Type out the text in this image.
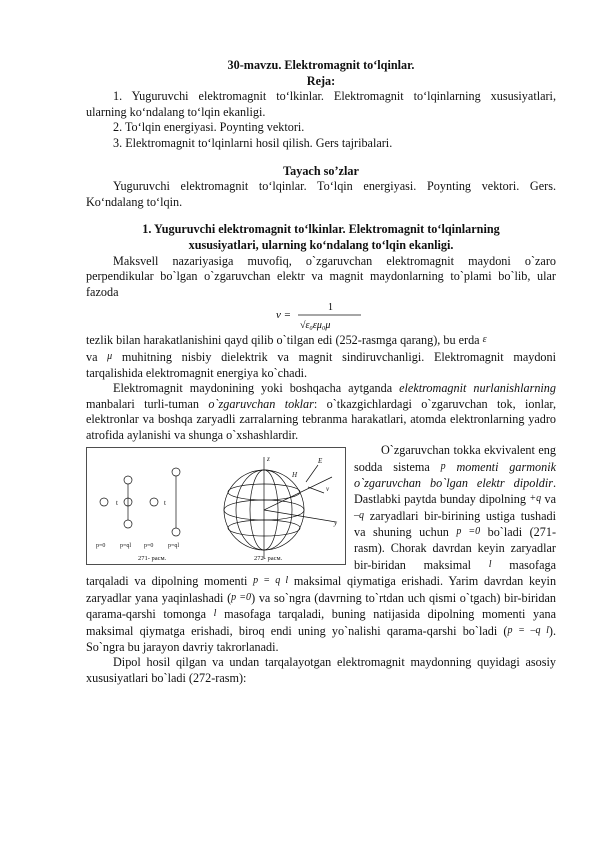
30-mavzu. Elektromagnit to‘lqinlar.
Reja:

1. Yuguruvchi elektromagnit to‘lkinlar. Elektromagnit to‘lqinlarning xususiyatlari, ularning ko‘ndalang to‘lqin ekanligi.

2. To‘lqin energiyasi. Poynting vektori.

3. Elektromagnit to‘lqinlarni hosil qilish. Gers tajribalari.

Tayach so’zlar

Yuguruvchi elektromagnit to‘lqinlar. To‘lqin energiyasi. Poynting vektori. Gers. Ko‘ndalang to‘lqin.

1. Yuguruvchi elektromagnit to‘lkinlar. Elektromagnit to‘lqinlarning
xususiyatlari, ularning ko‘ndalang to‘lqin ekanligi.

Maksvell nazariyasiga muvofiq, o`zgaruvchan elektromagnit maydoni o`zaro perpendikular bo`lgan o`zgaruvchan elektr va magnit maydonlarning to`plami bo`lib, ular fazoda

v =
1
√ε₀εμ₀μ

tezlik bilan harakatlanishini qayd qilib o`tilgan edi (252-rasmga qarang), bu erda ε
va μ muhitning nisbiy dielektrik va magnit sindiruvchanligi. Elektromagnit maydoni tarqalishida elektromagnit energiya ko`chadi.

Elektromagnit maydonining yoki boshqacha aytganda elektromagnit nurlanishlarning manbalari turli-tuman o`zgaruvchan toklar: o`tkazgichlardagi o`zgaruvchan tok, ionlar, elektronlar va boshqa zaryadli zarralarning tebranma harakatlari, atomda elektronlarning yadro atrofida aylanishi va shunga o`xshashlardir.

t	t
p=0 p=ql p=0 p=ql
271- pacм.
z
y
E
v
H
272- pacм.

O`zgaruvchan tokka ekvivalent eng sodda sistema p momenti garmonik o`zgaruvchan bo`lgan elektr dipoldir. Dastlabki paytda bunday dipolning +q va –q zaryadlari bir-birining ustiga tushadi va shuning uchun p =0 bo`ladi (271-rasm). Chorak davrdan keyin zaryadlar bir-biridan maksimal l masofaga tarqaladi va dipolning momenti p = q l maksimal qiymatiga erishadi. Yarim davrdan keyin zaryadlar yana yaqinlashadi (p =0) va so`ngra (davrning to`rtdan uch qismi o`tgach) bir-biridan qarama-qarshi tomonga l masofaga tarqaladi, buning natijasida dipolning momenti yana maksimal qiymatga erishadi, biroq endi uning yo`nalishi qarama-qarshi bo`ladi (p = –q l). So`ngra bu jarayon davriy takrorlanadi.

Dipol hosil qilgan va undan tarqalayotgan elektromagnit maydonning quyidagi asosiy xususiyatlari bo`ladi (272-rasm):
